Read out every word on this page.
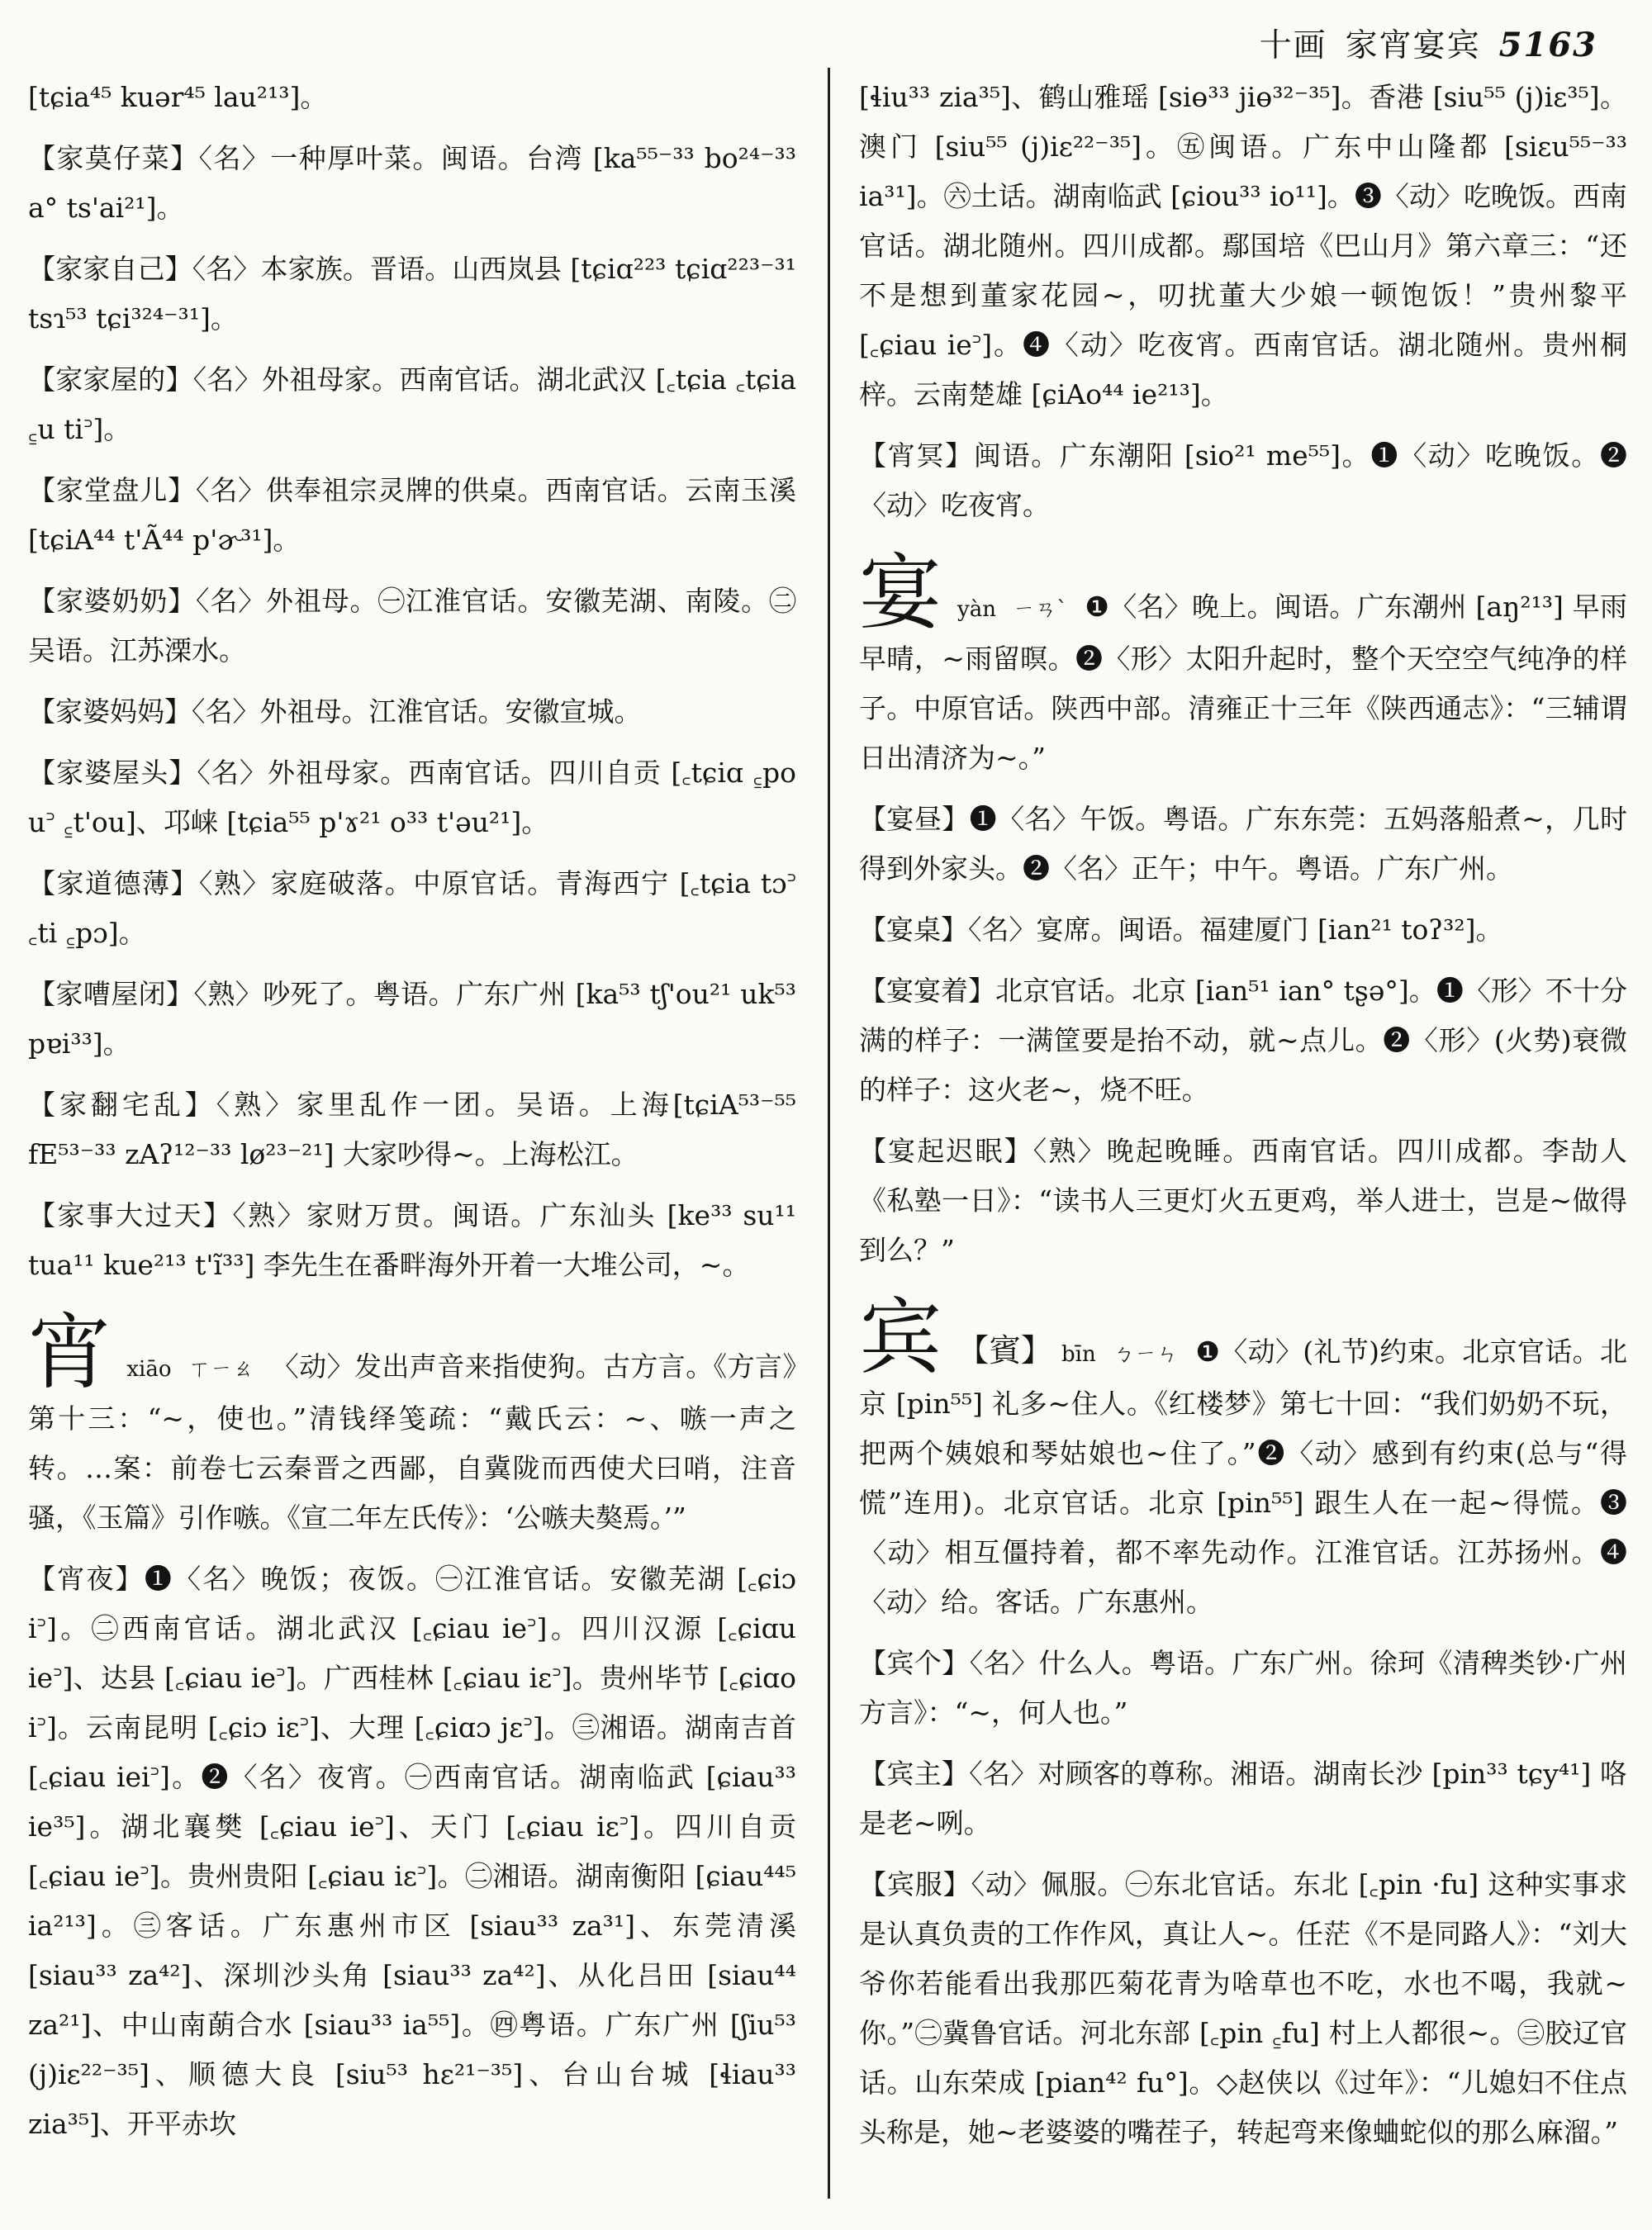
十画 家宵宴宾 5163

[tɕia⁴⁵ kuər⁴⁵ lau²¹³]。

【家莫仔菜】〈名〉一种厚叶菜。闽语。台湾 [ka⁵⁵⁻³³ bo²⁴⁻³³ a° ts'ai²¹]。

【家家自己】〈名〉本家族。晋语。山西岚县 [tɕiɑ²²³ tɕiɑ²²³⁻³¹ tsɿ⁵³ tɕi³²⁴⁻³¹]。

【家家屋的】〈名〉外祖母家。西南官话。湖北武汉 [꜀tɕia ꜀tɕia ꜁u ti꜄]。

【家堂盘儿】〈名〉供奉祖宗灵牌的供桌。西南官话。云南玉溪 [tɕiA⁴⁴ t'Ã⁴⁴ p'ɚ³¹]。

【家婆奶奶】〈名〉外祖母。㊀江淮官话。安徽芜湖、南陵。㊁吴语。江苏溧水。

【家婆妈妈】〈名〉外祖母。江淮官话。安徽宣城。

【家婆屋头】〈名〉外祖母家。西南官话。四川自贡 [꜀tɕiɑ ꜁po u꜄ ꜁t'ou]、邛崃 [tɕia⁵⁵ p'ɤ²¹ o³³ t'əu²¹]。

【家道德薄】〈熟〉家庭破落。中原官话。青海西宁 [꜀tɕia tɔ꜄ ꜀ti ꜁pɔ]。

【家嘈屋闭】〈熟〉吵死了。粤语。广东广州 [ka⁵³ tʃ'ou²¹ uk⁵³ pɐi³³]。

【家翻宅乱】〈熟〉家里乱作一团。吴语。上海[tɕiA⁵³⁻⁵⁵ fE⁵³⁻³³ zAʔ¹²⁻³³ lø²³⁻²¹] 大家吵得~。上海松江。

【家事大过天】〈熟〉家财万贯。闽语。广东汕头 [ke³³ su¹¹ tua¹¹ kue²¹³ t'ĩ³³] 李先生在番畔海外开着一大堆公司，~。

宵 xiāo ㄒㄧㄠ 〈动〉发出声音来指使狗。古方言。《方言》第十三：“~，使也。”清钱绎笺疏：“戴氏云：~、嗾一声之转。…案：前卷七云秦晋之西鄙，自冀陇而西使犬曰哨，注音骚，《玉篇》引作嗾。《宣二年左氏传》：‘公嗾夫獒焉。’”

【宵夜】❶〈名〉晚饭；夜饭。㊀江淮官话。安徽芜湖 [꜀ɕiɔ i꜄]。㊁西南官话。湖北武汉 [꜀ɕiau ie꜄]。四川汉源 [꜀ɕiɑu ie꜄]、达县 [꜀ɕiau ie꜄]。广西桂林 [꜀ɕiau iɛ꜄]。贵州毕节 [꜀ɕiɑo i꜄]。云南昆明 [꜀ɕiɔ iɛ꜄]、大理 [꜀ɕiɑɔ jɛ꜄]。㊂湘语。湖南吉首 [꜀ɕiau iei꜄]。❷〈名〉夜宵。㊀西南官话。湖南临武 [ɕiau³³ ie³⁵]。湖北襄樊 [꜀ɕiau ie꜄]、天门 [꜀ɕiau iɛ꜄]。四川自贡 [꜀ɕiau ie꜄]。贵州贵阳 [꜀ɕiau iɛ꜄]。㊁湘语。湖南衡阳 [ɕiau⁴⁴⁵ ia²¹³]。㊂客话。广东惠州市区 [siau³³ za³¹]、东莞清溪 [siau³³ za⁴²]、深圳沙头角 [siau³³ za⁴²]、从化吕田 [siau⁴⁴ za²¹]、中山南蓢合水 [siau³³ ia⁵⁵]。㊃粤语。广东广州 [ʃiu⁵³ (j)iɛ²²⁻³⁵]、顺德大良 [siu⁵³ hɛ²¹⁻³⁵]、台山台城 [ɬiau³³ zia³⁵]、开平赤坎

[ɬiu³³ zia³⁵]、鹤山雅瑶 [siɵ³³ jiɵ³²⁻³⁵]。香港 [siu⁵⁵ (j)iɛ³⁵]。澳门 [siu⁵⁵ (j)iɛ²²⁻³⁵]。㊄闽语。广东中山隆都 [siɛu⁵⁵⁻³³ ia³¹]。㊅土话。湖南临武 [ɕiou³³ io¹¹]。❸〈动〉吃晚饭。西南官话。湖北随州。四川成都。鄢国培《巴山月》第六章三：“还不是想到董家花园~，叨扰董大少娘一顿饱饭！”贵州黎平 [꜀ɕiau ie꜄]。❹〈动〉吃夜宵。西南官话。湖北随州。贵州桐梓。云南楚雄 [ɕiAo⁴⁴ ie²¹³]。

【宵冥】闽语。广东潮阳 [sio²¹ me⁵⁵]。❶〈动〉吃晚饭。❷〈动〉吃夜宵。

宴 yàn ㄧㄢˋ ❶〈名〉晚上。闽语。广东潮州 [aŋ²¹³] 早雨早晴，~雨留暝。❷〈形〉太阳升起时，整个天空空气纯净的样子。中原官话。陕西中部。清雍正十三年《陕西通志》：“三辅谓日出清济为~。”

【宴昼】❶〈名〉午饭。粤语。广东东莞：五妈落船煮~，几时得到外家头。❷〈名〉正午；中午。粤语。广东广州。

【宴桌】〈名〉宴席。闽语。福建厦门 [ian²¹ toʔ³²]。

【宴宴着】北京官话。北京 [ian⁵¹ ian° tʂə°]。❶〈形〉不十分满的样子：一满筐要是抬不动，就~点儿。❷〈形〉(火势)衰微的样子：这火老~，烧不旺。

【宴起迟眠】〈熟〉晚起晚睡。西南官话。四川成都。李劼人《私塾一日》：“读书人三更灯火五更鸡，举人进士，岂是~做得到么？”

宾 【賓】 bīn ㄅㄧㄣ ❶〈动〉(礼节)约束。北京官话。北京 [pin⁵⁵] 礼多~住人。《红楼梦》第七十回：“我们奶奶不玩，把两个姨娘和琴姑娘也~住了。”❷〈动〉感到有约束(总与“得慌”连用)。北京官话。北京 [pin⁵⁵] 跟生人在一起~得慌。❸〈动〉相互僵持着，都不率先动作。江淮官话。江苏扬州。❹〈动〉给。客话。广东惠州。

【宾个】〈名〉什么人。粤语。广东广州。徐珂《清稗类钞·广州方言》：“~，何人也。”

【宾主】〈名〉对顾客的尊称。湘语。湖南长沙 [pin³³ tɕy⁴¹] 咯是老~咧。

【宾服】〈动〉佩服。㊀东北官话。东北 [꜀pin ·fu] 这种实事求是认真负责的工作作风，真让人~。任茫《不是同路人》：“刘大爷你若能看出我那匹菊花青为啥草也不吃，水也不喝，我就~你。”㊁冀鲁官话。河北东部 [꜀pin ꜁fu] 村上人都很~。㊂胶辽官话。山东荣成 [pian⁴² fu°]。◇赵侠以《过年》：“儿媳妇不住点头称是，她~老婆婆的嘴茬子，转起弯来像蛐蛇似的那么麻溜。”
